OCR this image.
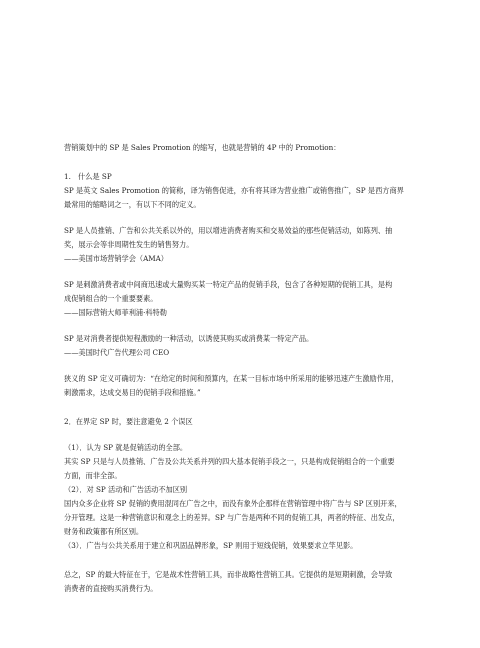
营销策划中的 SP 是 Sales Promotion 的缩写，也就是营销的 4P 中的 Promotion：

1.　什么是 SP

SP 是英文 Sales Promotion 的简称，译为销售促进，亦有将其译为营业推广或销售推广，SP 是西方商界

最常用的缩略词之一，有以下不同的定义。

SP 是人员推销、广告和公共关系以外的，用以增进消费者购买和交易效益的那些促销活动，如陈列、抽

奖，展示会等非周期性发生的销售努力。

——美国市场营销学会（AMA）

SP 是刺激消费者或中间商迅速或大量购买某一特定产品的促销手段，包含了各种短期的促销工具，是构

成促销组合的一个重要要素。

——国际营销大师菲利浦·科特勒

SP 是对消费者提供短程激励的一种活动，以诱使其购买或消费某一特定产品。

——美国时代广告代理公司 CEO

狭义的 SP 定义可确切为：“在给定的时间和预算内，在某一目标市场中所采用的能够迅速产生激励作用，

刺激需求，达成交易目的促销手段和措施。”

2．在界定 SP 时，要注意避免 2 个误区

（1）．认为 SP 就是促销活动的全部。

其实 SP 只是与人员推销、广告及公共关系并列的四大基本促销手段之一，只是构成促销组合的一个重要

方面，而非全部。

（2）．对 SP 活动和广告活动不加区别

国内众多企业将 SP 促销的费用混同在广告之中，而没有象外企那样在营销管理中将广告与 SP 区别开来，

分开管理。这是一种营销意识和观念上的差异。SP 与广告是两种不同的促销工具，两者的特征、出发点，

财务和政策都有所区别。

（3）．广告与公共关系用于建立和巩固品牌形象，SP 则用于短线促销，效果要求立竿见影。

总之，SP 的最大特征在于，它是战术性营销工具，而非战略性营销工具。它提供的是短期刺激，会导致

消费者的直接购买消费行为。
